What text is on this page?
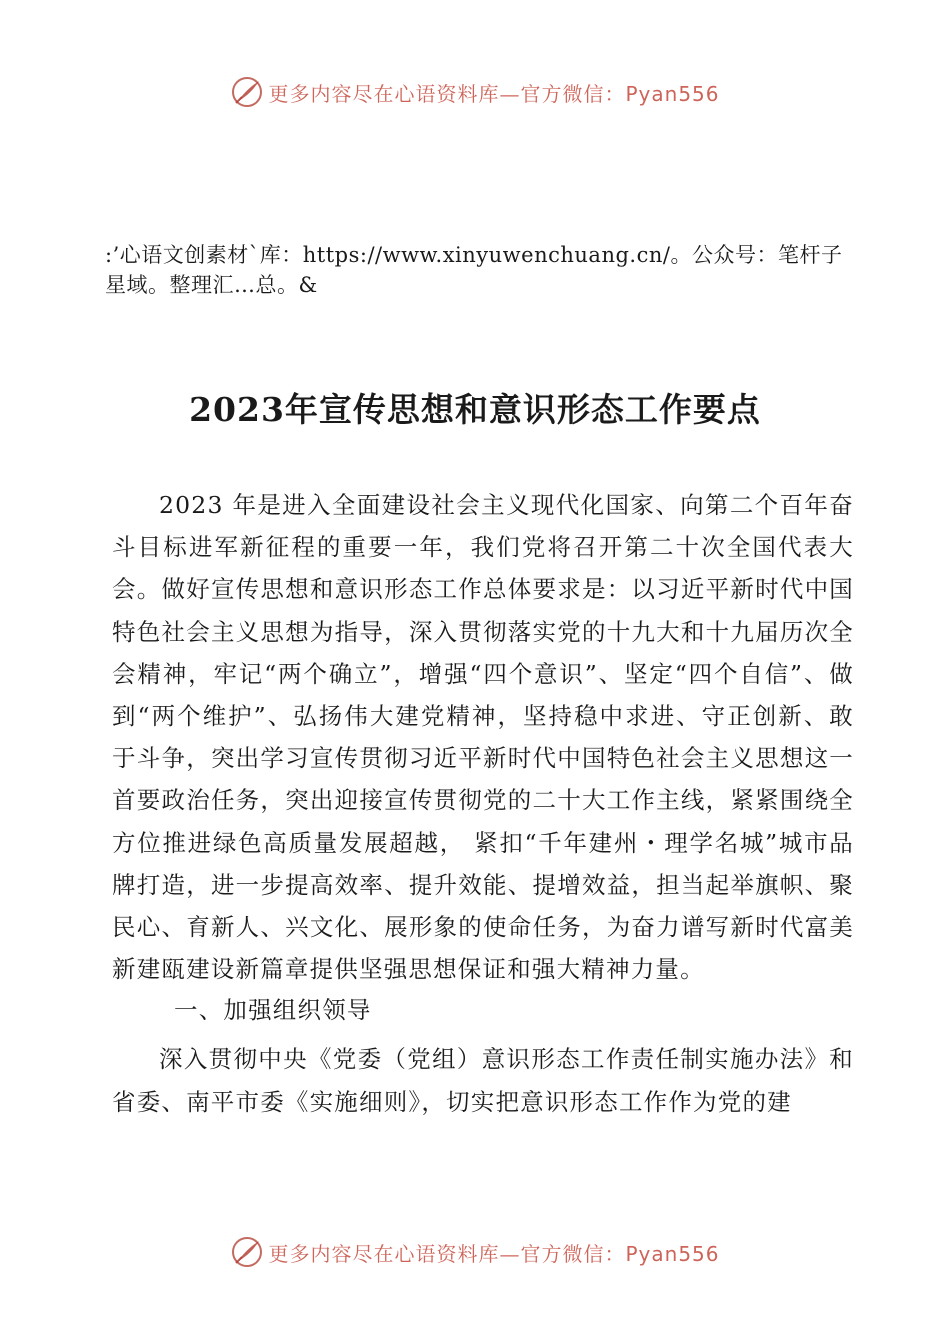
更多内容尽在心语资料库—官方微信：Pyan556
:’心语文创素材`库：https://www.xinyuwenchuang.cn/。公众号：笔杆子星域。整理汇…总。&
2023年宣传思想和意识形态工作要点

2023 年是进入全面建设社会主义现代化国家、向第二个百年奋斗目标进军新征程的重要一年，我们党将召开第二十次全国代表大会。做好宣传思想和意识形态工作总体要求是：以习近平新时代中国特色社会主义思想为指导，深入贯彻落实党的十九大和十九届历次全会精神，牢记“两个确立”，增强“四个意识”、坚定“四个自信”、做到“两个维护”、弘扬伟大建党精神，坚持稳中求进、守正创新、敢于斗争，突出学习宣传贯彻习近平新时代中国特色社会主义思想这一首要政治任务，突出迎接宣传贯彻党的二十大工作主线，紧紧围绕全方位推进绿色高质量发展超越， 紧扣“千年建州・理学名城”城市品牌打造，进一步提高效率、提升效能、提增效益，担当起举旗帜、聚民心、育新人、兴文化、展形象的使命任务，为奋力谱写新时代富美新建瓯建设新篇章提供坚强思想保证和强大精神力量。

一、加强组织领导

深入贯彻中央《党委（党组）意识形态工作责任制实施办法》和省委、南平市委《实施细则》，切实把意识形态工作作为党的建

更多内容尽在心语资料库—官方微信：Pyan556
